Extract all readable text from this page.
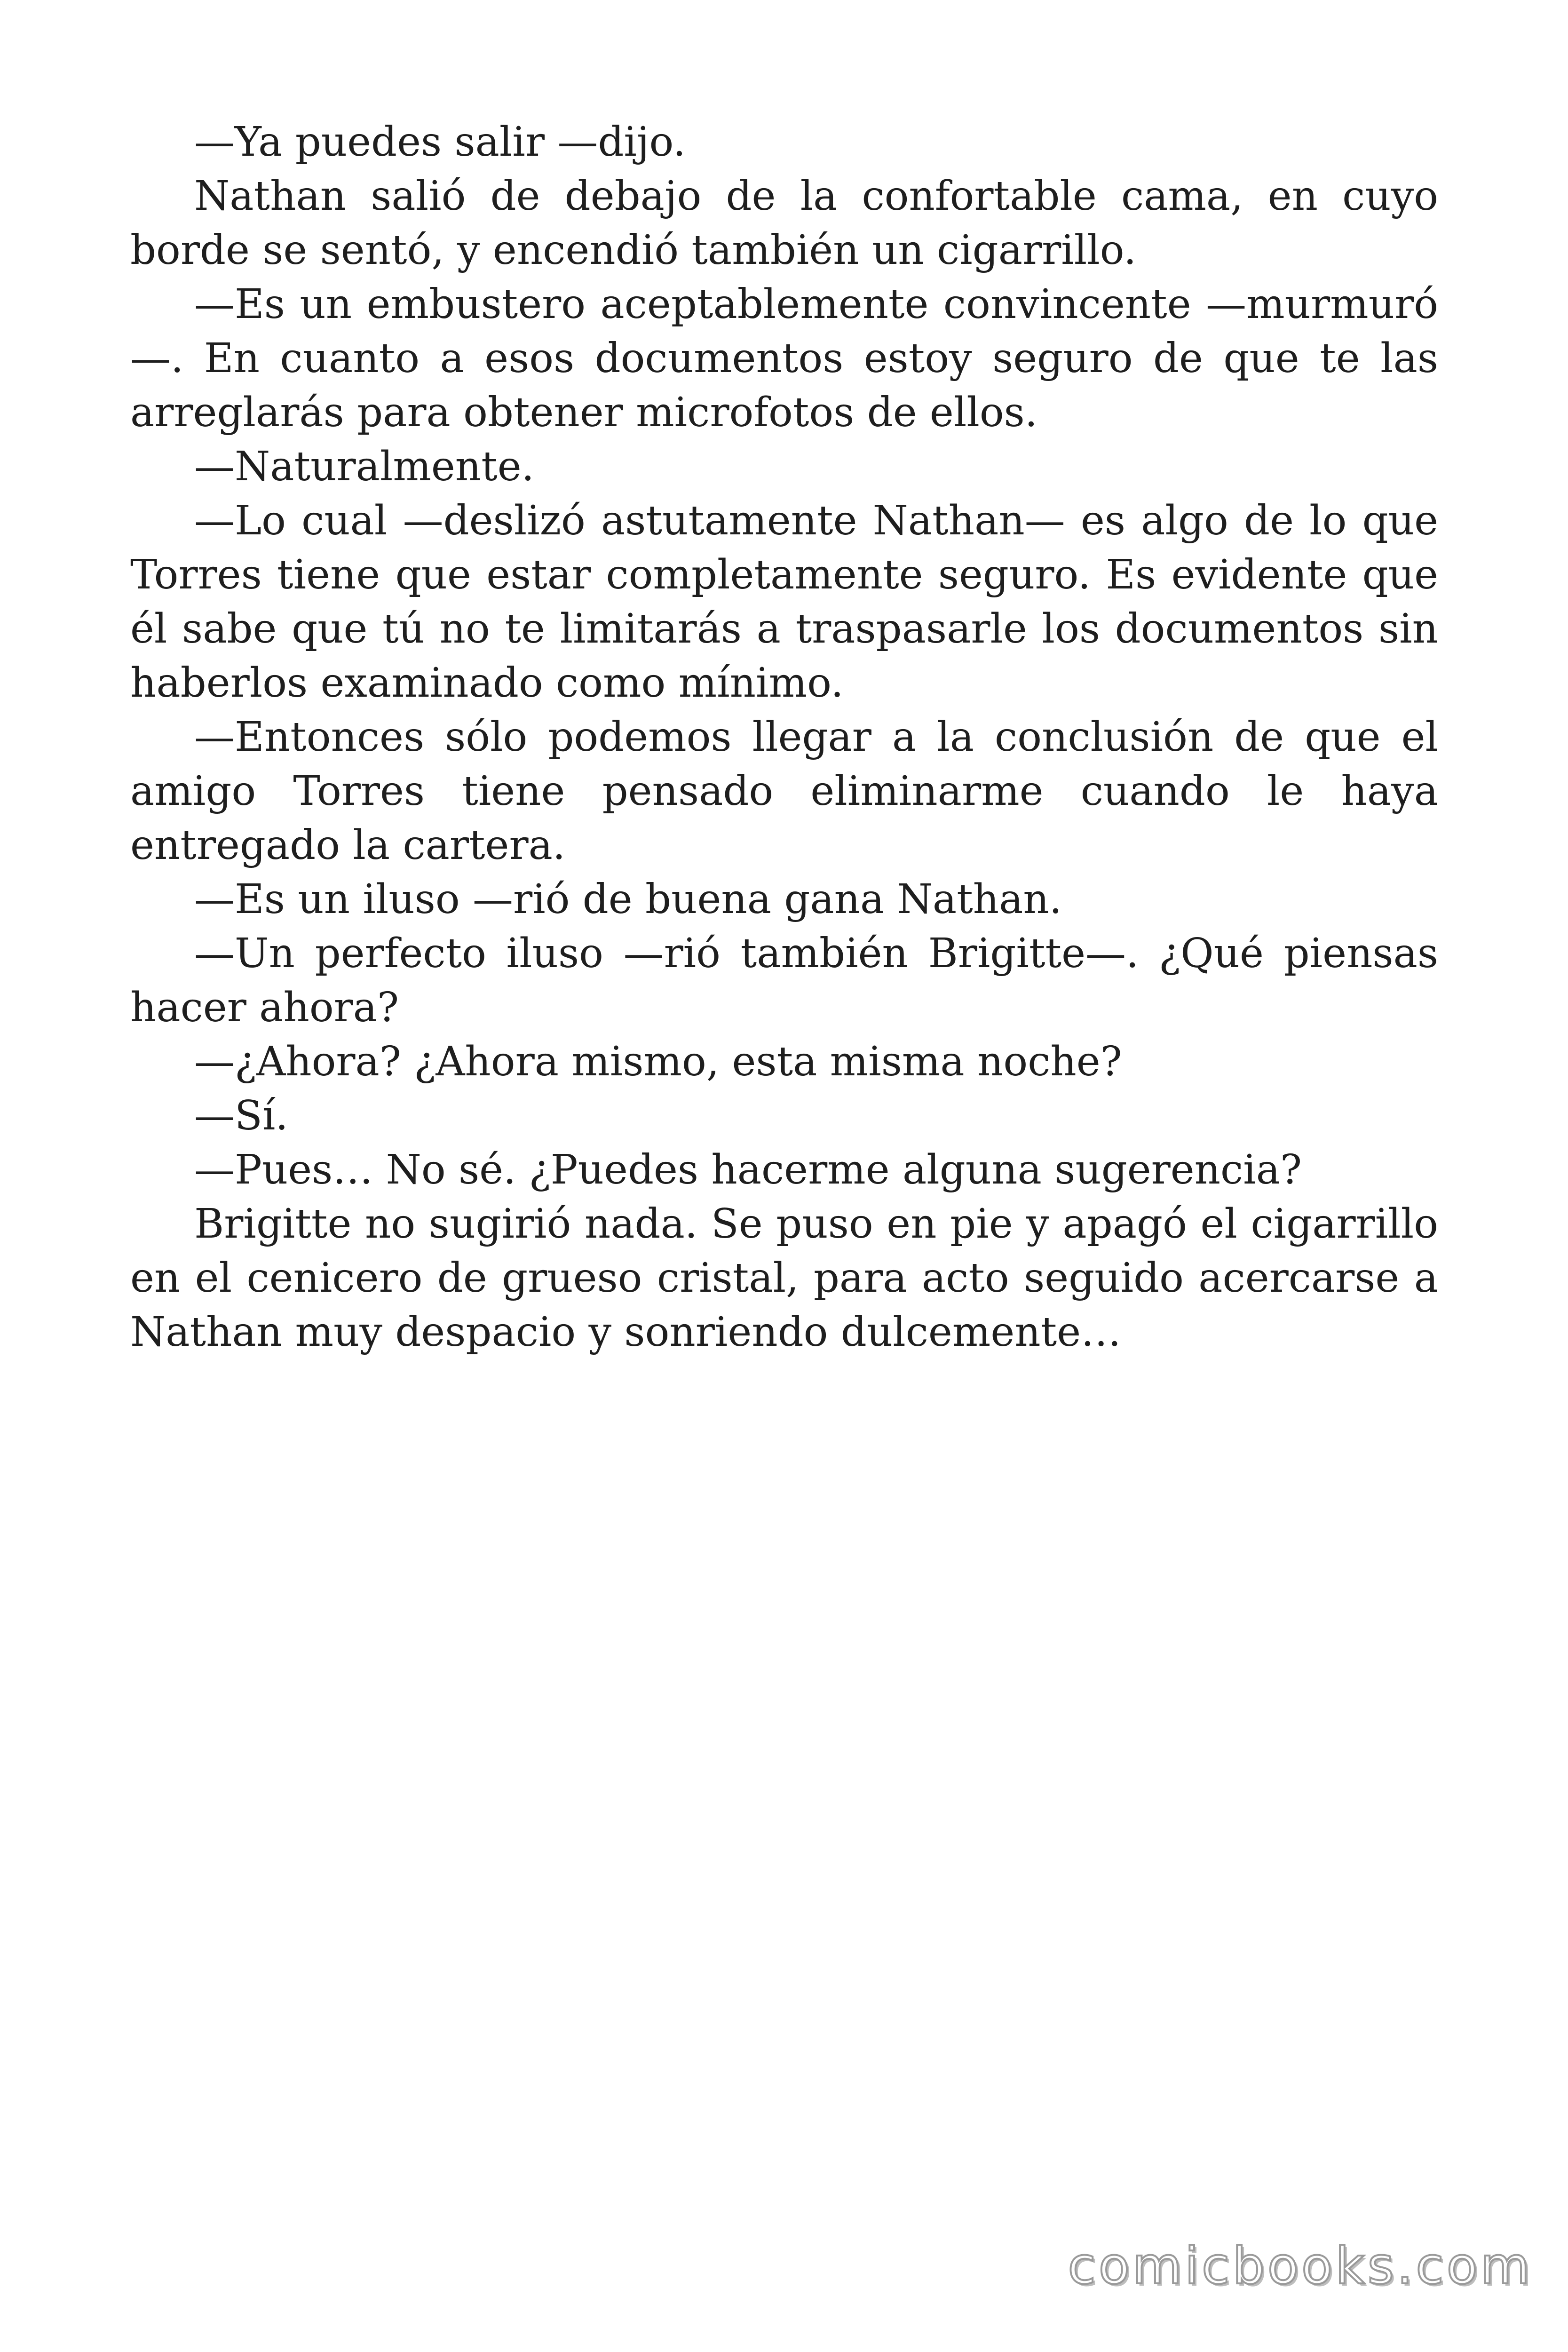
—Ya puedes salir —dijo.

Nathan salió de debajo de la confortable cama, en cuyo borde se sentó, y encendió también un cigarrillo.

—Es un embustero aceptablemente convincente —murmuró—. En cuanto a esos documentos estoy seguro de que te las arreglarás para obtener microfotos de ellos.

—Naturalmente.

—Lo cual —deslizó astutamente Nathan— es algo de lo que Torres tiene que estar completamente seguro. Es evidente que él sabe que tú no te limitarás a traspasarle los documentos sin haberlos examinado como mínimo.

—Entonces sólo podemos llegar a la conclusión de que el amigo Torres tiene pensado eliminarme cuando le haya entregado la cartera.

—Es un iluso —rió de buena gana Nathan.

—Un perfecto iluso —rió también Brigitte—. ¿Qué piensas hacer ahora?

—¿Ahora? ¿Ahora mismo, esta misma noche?

—Sí.

—Pues… No sé. ¿Puedes hacerme alguna sugerencia?

Brigitte no sugirió nada. Se puso en pie y apagó el cigarrillo en el cenicero de grueso cristal, para acto seguido acercarse a Nathan muy despacio y sonriendo dulcemente…

comicbooks.com
